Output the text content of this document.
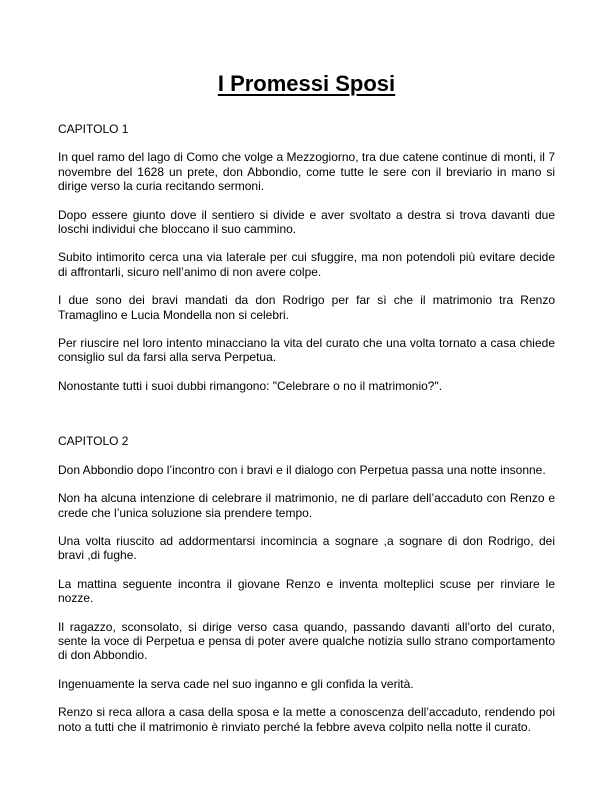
I Promessi Sposi

CAPITOLO 1

In quel ramo del lago di Como che volge a Mezzogiorno, tra due catene continue di monti, il 7 novembre del 1628 un prete, don Abbondio, come tutte le sere con il breviario in mano si dirige verso la curia recitando sermoni.

Dopo essere giunto dove il sentiero si divide e aver svoltato a destra si trova davanti due loschi individui che bloccano il suo cammino.

Subito intimorito cerca una via laterale per cui sfuggire, ma non potendoli più evitare decide di affrontarli, sicuro nell’animo di non avere colpe.

I due sono dei bravi mandati da don Rodrigo per far sì che il matrimonio tra Renzo Tramaglino e Lucia Mondella non si celebri.

Per riuscire nel loro intento minacciano la vita del curato che una volta tornato a casa chiede consiglio sul da farsi alla serva Perpetua.

Nonostante tutti i suoi dubbi rimangono: "Celebrare o no il matrimonio?".

CAPITOLO 2

Don Abbondio dopo l’incontro con i bravi e il dialogo con Perpetua passa una notte insonne.

Non ha alcuna intenzione di celebrare il matrimonio, ne di parlare dell’accaduto con Renzo e crede che l’unica soluzione sia prendere tempo.

Una volta riuscito ad addormentarsi incomincia a sognare ,a sognare di don Rodrigo, dei bravi ,di fughe.

La mattina seguente incontra il giovane Renzo e inventa molteplici scuse per rinviare le nozze.

Il ragazzo, sconsolato, si dirige verso casa quando, passando davanti all’orto del curato, sente la voce di Perpetua e pensa di poter avere qualche notizia sullo strano comportamento di don Abbondio.

Ingenuamente la serva cade nel suo inganno e gli confida la verità.

Renzo si reca allora a casa della sposa e la mette a conoscenza dell’accaduto, rendendo poi noto a tutti che il matrimonio è rinviato perché la febbre aveva colpito nella notte il curato.
